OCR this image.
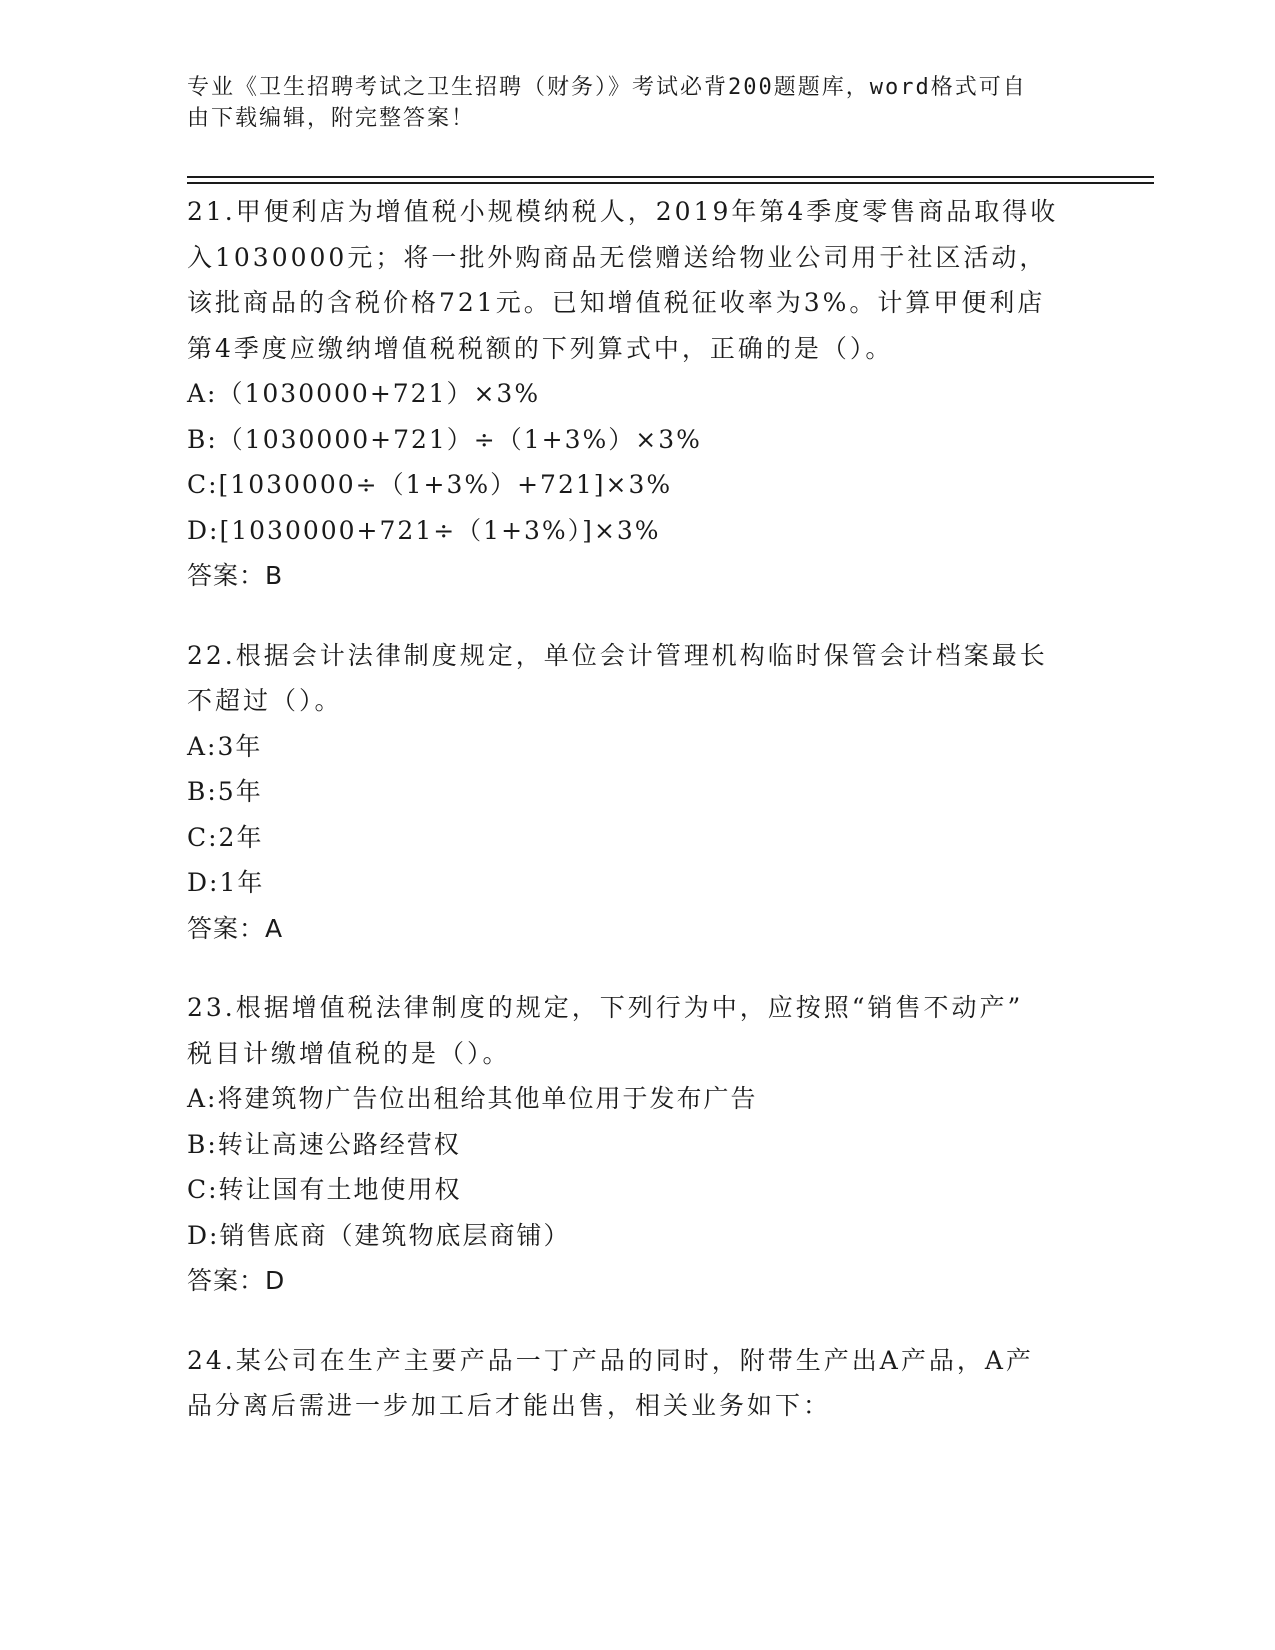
专业《卫生招聘考试之卫生招聘（财务）》考试必背200题题库，word格式可自
由下载编辑，附完整答案！

21.甲便利店为增值税小规模纳税人，2019年第4季度零售商品取得收
入1030000元；将一批外购商品无偿赠送给物业公司用于社区活动，
该批商品的含税价格721元。已知增值税征收率为3%。计算甲便利店
第4季度应缴纳增值税税额的下列算式中，正确的是（）。

A:（1030000+721）×3%

B:（1030000+721）÷（1+3%）×3%

C:[1030000÷（1+3%）+721]×3%

D:[1030000+721÷（1+3%）]×3%

答案：B

22.根据会计法律制度规定，单位会计管理机构临时保管会计档案最长
不超过（）。

A:3年

B:5年

C:2年

D:1年

答案：A

23.根据增值税法律制度的规定，下列行为中，应按照“销售不动产”
税目计缴增值税的是（）。

A:将建筑物广告位出租给其他单位用于发布广告

B:转让高速公路经营权

C:转让国有土地使用权

D:销售底商（建筑物底层商铺）

答案：D

24.某公司在生产主要产品一丁产品的同时，附带生产出A产品，A产
品分离后需进一步加工后才能出售，相关业务如下：
